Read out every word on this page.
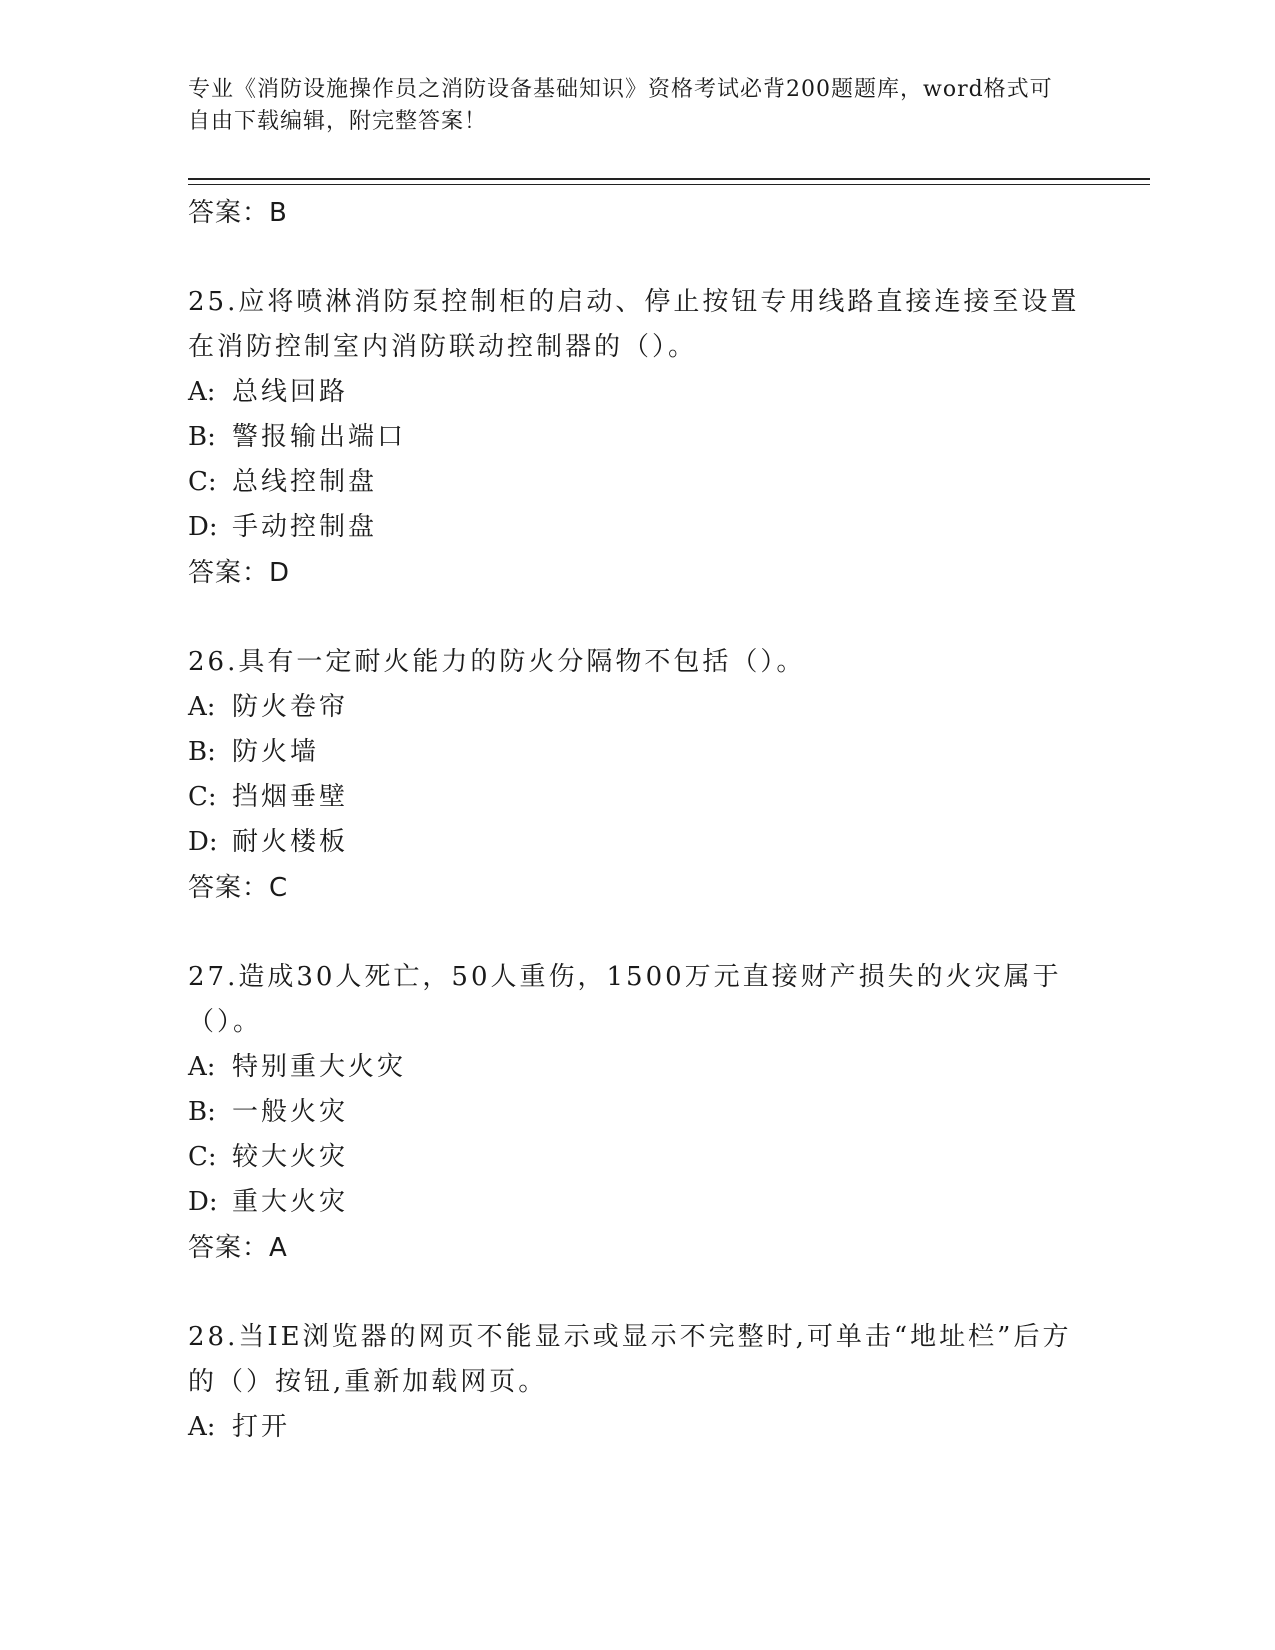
专业《消防设施操作员之消防设备基础知识》资格考试必背200题题库，word格式可自由下载编辑，附完整答案！

答案：B

25.应将喷淋消防泵控制柜的启动、停止按钮专用线路直接连接至设置在消防控制室内消防联动控制器的（）。

A: 总线回路

B: 警报输出端口

C: 总线控制盘

D: 手动控制盘

答案：D

26.具有一定耐火能力的防火分隔物不包括（）。

A: 防火卷帘

B: 防火墙

C: 挡烟垂壁

D: 耐火楼板

答案：C

27.造成30人死亡，50人重伤，1500万元直接财产损失的火灾属于（）。

A: 特别重大火灾

B: 一般火灾

C: 较大火灾

D: 重大火灾

答案：A

28.当IE浏览器的网页不能显示或显示不完整时,可单击“地址栏”后方的（）按钮,重新加载网页。

A: 打开
